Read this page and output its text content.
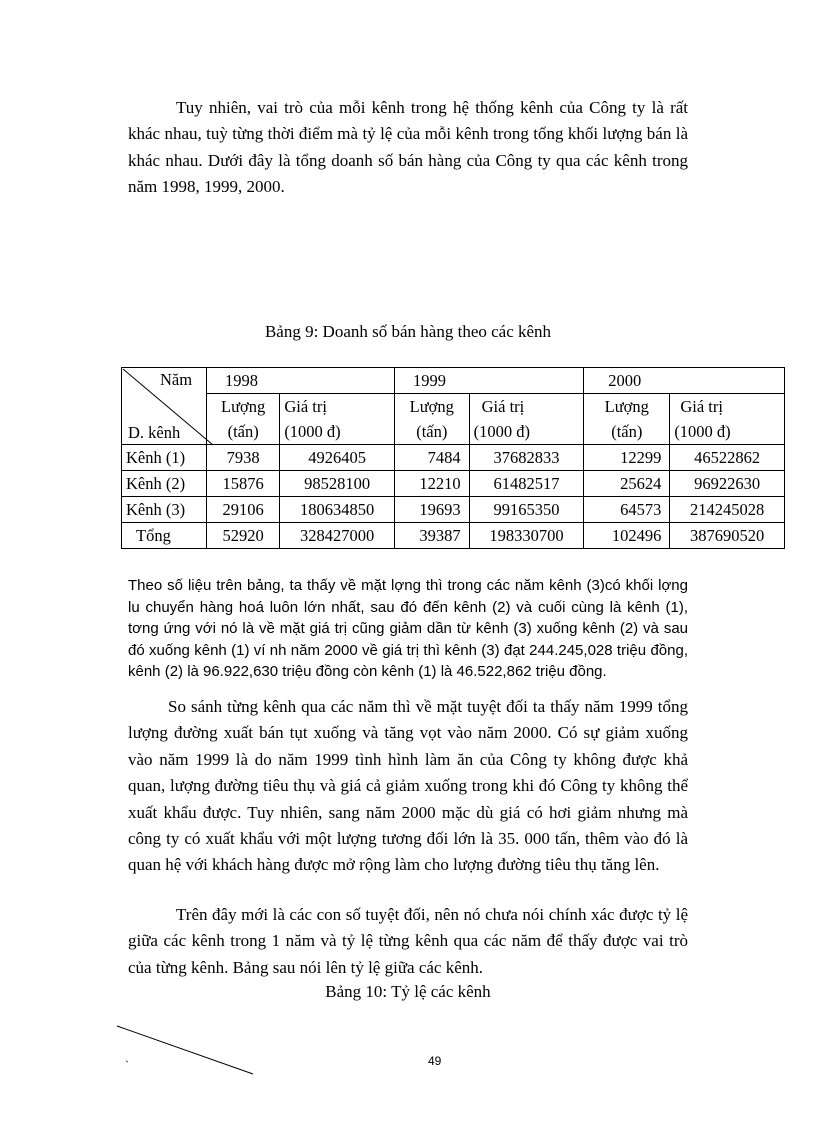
Tuy nhiên, vai trò của mỗi kênh trong hệ thống kênh của Công ty là rất khác nhau, tuỳ từng thời điểm mà tỷ lệ của mỗi kênh trong tổng khối lượng bán là khác nhau. Dưới đây là tổng doanh số bán hàng của Công ty qua các kênh trong năm 1998, 1999, 2000.

Bảng 9: Doanh số bán hàng theo các kênh

Năm
D. kênh	1998		1999		2000	
	Lượng	Giá trị	Lượng	Giá trị	Lượng	Giá trị
	(tấn)	(1000 đ)	(tấn)	(1000 đ)	(tấn)	(1000 đ)
Kênh (1)	7938	4926405	7484	37682833	12299	46522862
Kênh (2)	15876	98528100	12210	61482517	25624	96922630
Kênh (3)	29106	180634850	19693	99165350	64573	214245028
Tổng	52920	328427000	39387	198330700	102496	387690520

Theo số liệu trên bảng, ta thấy về mặt lợng thì trong các năm kênh (3)có khối lợng lu chuyển hàng hoá luôn lớn nhất, sau đó đến kênh (2) và cuối cùng là kênh (1), tơng ứng với nó là về mặt giá trị cũng giảm dần từ kênh (3) xuống kênh (2) và sau đó xuống kênh (1) ví nh năm 2000 về giá trị thì kênh (3) đạt 244.245,028 triệu đồng, kênh (2) là 96.922,630 triệu đồng còn kênh (1) là 46.522,862 triệu đồng.

So sánh từng kênh qua các năm thì về mặt tuyệt đối ta thấy năm 1999 tổng lượng đường xuất bán tụt xuống và tăng vọt vào năm 2000. Có sự giảm xuống vào năm 1999 là do năm 1999 tình hình làm ăn của Công ty không được khả quan, lượng đường tiêu thụ và giá cả giảm xuống trong khi đó Công ty không thể xuất khẩu được. Tuy nhiên, sang năm 2000 mặc dù giá có hơi giảm nhưng mà công ty có xuất khẩu với một lượng tương đối lớn là 35. 000 tấn, thêm vào đó là quan hệ với khách hàng được mở rộng làm cho lượng đường tiêu thụ tăng lên.

Trên đây mới là các con số tuyệt đối, nên nó chưa nói chính xác được tỷ lệ giữa các kênh trong 1 năm và tỷ lệ từng kênh qua các năm để thấy được vai trò của từng kênh. Bảng sau nói lên tỷ lệ giữa các kênh.

Bảng 10: Tỷ lệ các kênh

`	49
